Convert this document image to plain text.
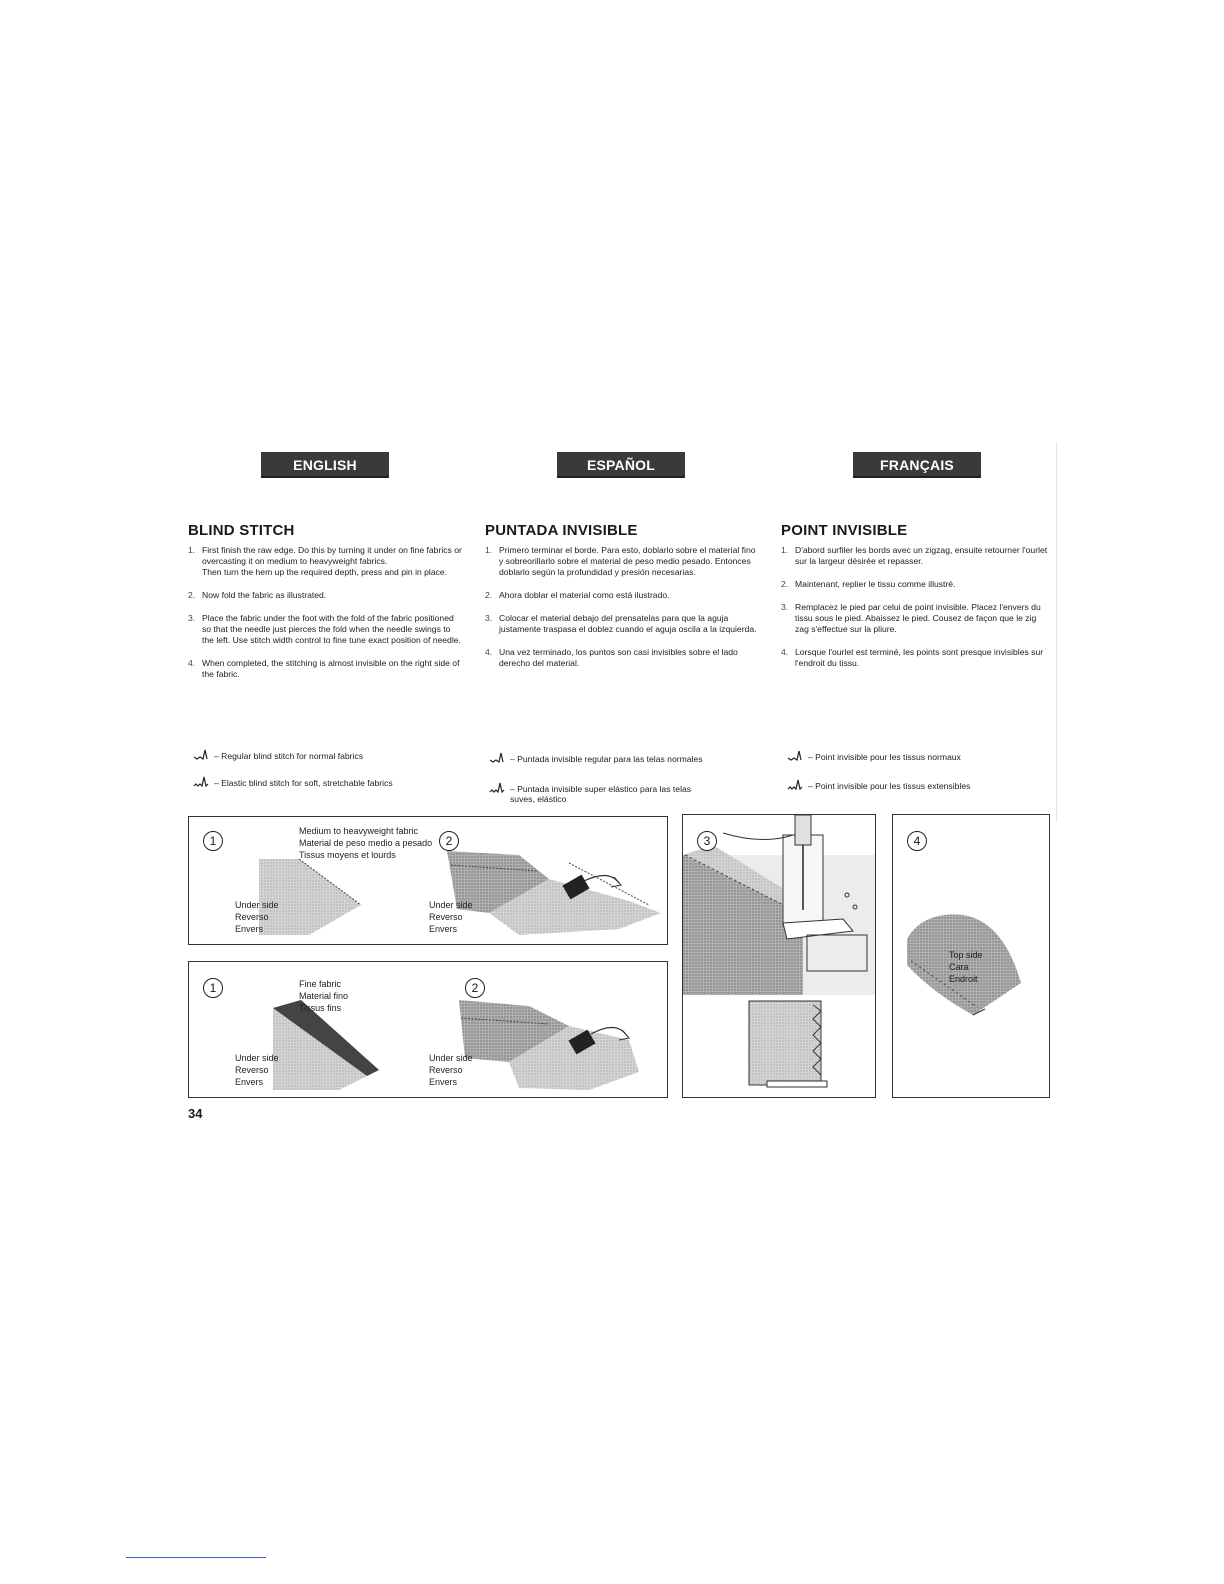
ENGLISH	ESPAÑOL	FRANÇAIS
BLIND STITCH
1. First finish the raw edge. Do this by turning it under on fine fabrics or overcasting it on medium to heavyweight fabrics.
Then turn the hem up the required depth, press and pin in place.
2. Now fold the fabric as illustrated.
3. Place the fabric under the foot with the fold of the fabric positioned so that the needle just pierces the fold when the needle swings to the left. Use stitch width control to fine tune exact position of needle.
4. When completed, the stitching is almost invisible on the right side of the fabric.
PUNTADA INVISIBLE
1. Primero terminar el borde. Para esto, doblarlo sobre el material fino y sobreorillarlo sobre el material de peso medio pesado. Entonces doblarlo según la profundidad y presión necesarias.
2. Ahora doblar el material como está ilustrado.
3. Colocar el material debajo del prensatelas para que la aguja justamente traspasa el doblez cuando el aguja oscila a la izquierda.
4. Una vez terminado, los puntos son casi invisibles sobre el lado derecho del material.
POINT INVISIBLE
1. D'abord surfiler les bords avec un zigzag, ensuite retourner l'ourlet sur la largeur désirée et repasser.
2. Maintenant, replier le tissu comme illustré.
3. Remplacez le pied par celui de point invisible. Placez l'envers du tissu sous le pied. Abaissez le pied. Cousez de façon que le zig zag s'effectue sur la pliure.
4. Lorsque l'ourlet est terminé, les points sont presque invisibles sur l'endroit du tissu.
– Regular blind stitch for normal fabrics
– Elastic blind stitch for soft, stretchable fabrics
– Puntada invisible regular para las telas normales
– Puntada invisible super elástico para las telas suves, elástico
– Point invisible pour les tissus normaux
– Point invisible pour les tissus extensibles
1	2
Medium to heavyweight fabric
Material de peso medio a pesado
Tissus moyens et lourds
Under side
Reverso
Envers
Under side
Reverso
Envers
1	2
Fine fabric
Material fino
Tissus fins
Under side
Reverso
Envers
Under side
Reverso
Envers
3	4
Top side
Cara
Endroit
34
